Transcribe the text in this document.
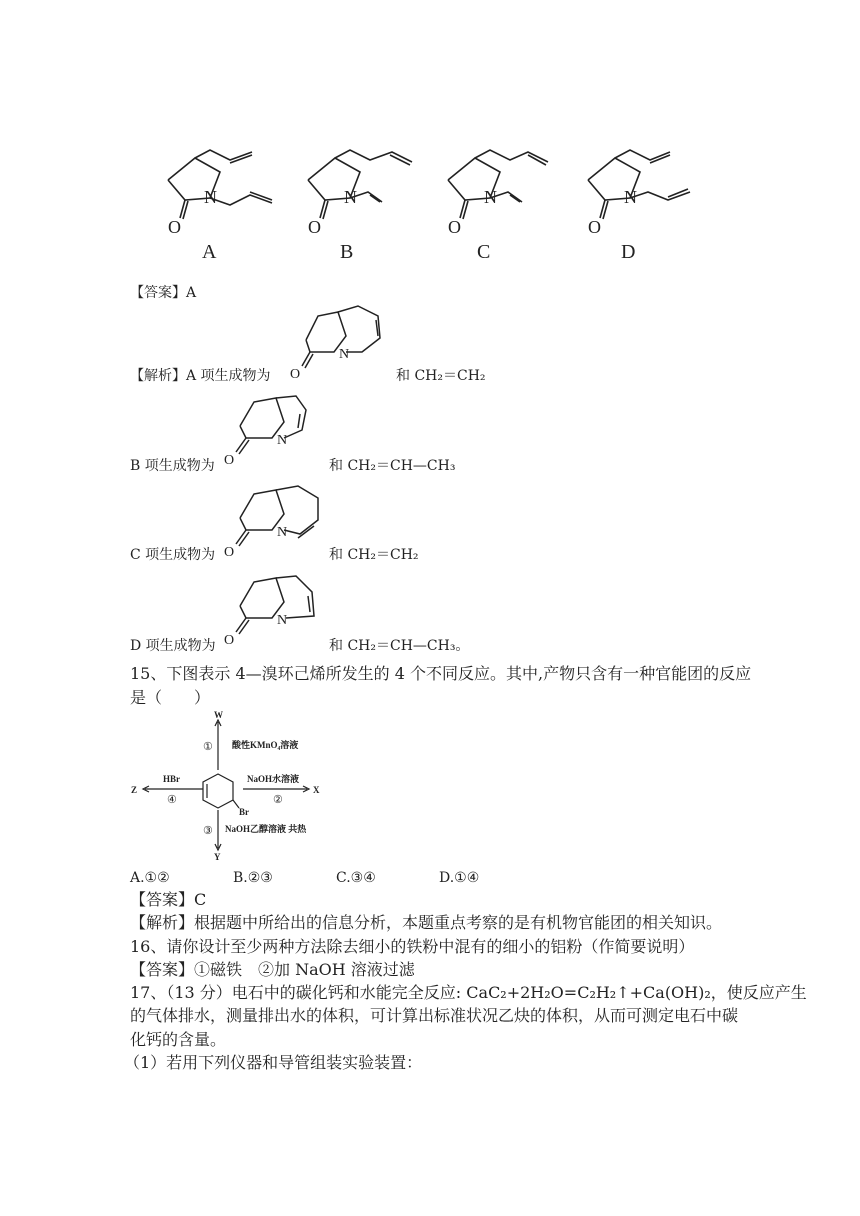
N	N	N	N
O	O	O	O
A	B	C	D
【答案】A
N
O
【解析】A 项生成物为	和 CH₂＝CH₂
N
O
B 项生成物为	和 CH₂＝CH—CH₃
N
O
C 项生成物为	和 CH₂＝CH₂
N
O
D 项生成物为	和 CH₂＝CH—CH₃。
15、下图表示 4—溴环己烯所发生的 4 个不同反应。其中,产物只含有一种官能团的反应
是（　　）
W
X
Z
Y
Br
酸性KMnO₄溶液
NaOH水溶液
NaOH乙醇溶液 共热
HBr
①
②
③
④
A.①②	B.②③	C.③④	D.①④
【答案】C
【解析】根据题中所给出的信息分析，本题重点考察的是有机物官能团的相关知识。
16、请你设计至少两种方法除去细小的铁粉中混有的细小的铝粉（作简要说明）
【答案】①磁铁　②加 NaOH 溶液过滤
17、（13 分）电石中的碳化钙和水能完全反应: CaC₂+2H₂O=C₂H₂↑+Ca(OH)₂，使反应产生
的气体排水，测量排出水的体积，可计算出标准状况乙炔的体积，从而可测定电石中碳
化钙的含量。
（1）若用下列仪器和导管组装实验装置：
